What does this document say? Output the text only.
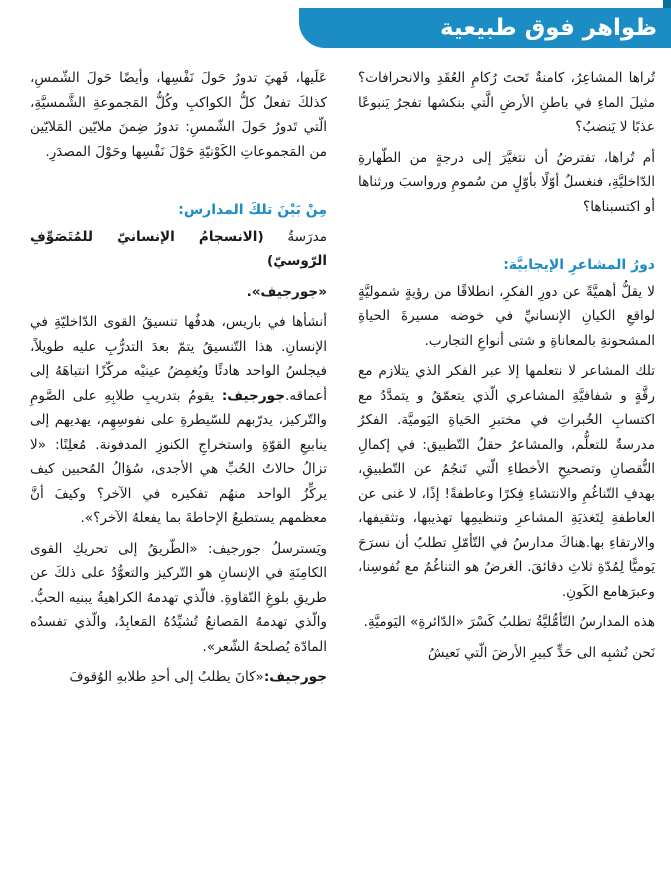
ظواهر فوق طبيعية

تُراها المشاعِرُ، كامنةٌ تَحتَ رُكامِ العُقَدِ والانحرافات؟ مثيلَ الماءِ في باطنِ الأرضِ الَّتي بنكشها تفجرُ يَنبوعًا عذبًا لا يَنضبُ؟

أم تُراها، تفترضُ أن نتغيَّرَ إلى درجةٍ من الطّهارةِ الدّاخليَّةِ، فنغسلُ أوّلًا بأوّلٍ من سُمومِ ورواسبَ ورثناها أو اكتسبناها؟

دورُ المشاعرِ الإيجابيَّة:

لا يقلُّ أهميَّةً عن دورِ الفكرِ، انطلاقًا من رؤيةٍ شموليَّةٍ لواقعِ الكيانِ الإنسانيِّ في خوضه مسيرةَ الحياةِ المشحونةِ بالمعاناةِ و شتى أنواعِ التجارب.

تلك المشاعر لا نتعلمها إلا عبر الفكر الذي يتلازم مع رقَّةٍ و شفافيَّةِ المشاعري الّذي يتعمّقُ و يتمدَّدُ مع اكتسابِ الخُبراتِ في مختبرِ الحَياةِ اليَوميَّة. الفكرُ مدرسةٌ للتعلُّم، والمشاعرُ حقلُ التّطبيق: في إكمالِ النُّقصانِ وتصحيحِ الأخطاءِ الّتي تَنجُمُ عن التّطبيقِ، بهدفِ التّناغُمِ والانتشاءِ فِكرًا وعاطفةً! إذًا، لا غنى عن العاطفةِ لِتَغذيَةِ المشاعرِ وتنظيمِها تهذيبها، وتثقيفها، والارتقاءِ بها.هناكَ مدارسُ في التّأمّلِ تطلبُ أن نسرَحَ يَوميًّا لِمُدّةِ ثلاثِ دقائقَ. الغرضُ هو التناغُمُ مع نُفوسِنا، وعبرَهامع الكَونِ.

هذه المدارسُ التّأمُّليَّةُ تطلبُ كَسْرَ «الدّائرةِ» اليَوميَّةِ.

نَحن نُشبِه الى حَدٍّ كبيرِ الأرضَ الّتي نَعيشُ

عَلَيها، فَهيَ تدورُ حَولَ نَفْسِها، وأيضًا حَولَ الشّمسِ، كذلكَ تفعلُ كلُّ الكواكبِ وكُلُّ المَجموعةِ الشَّمسيَّةِ، الّتي تَدورُ حَولَ الشّمسِ: تدورُ ضِمنَ ملايّين المَلايّين من المَجموعاتِ الكَوْنيّةِ حَوْلَ نَفْسِها وحَوْلَ المصدَرِ.

مِنْ بَيْنَ تلكَ المدارس:

مدرَسةُ (الانسجامُ الإنسانيّ للمُتَصَوِّفِ الرّوسيّ)

«جورجيف».

أنشأها في باريس، هدفُها تنسيقُ القوى الدّاخليّةِ في الإنسانِ. هذا التّنسيقُ يتمّ بعدَ التدرُّبِ عليه طويلاً، فيجلسُ الواحد هادئًا ويُغمِضُ عينيْه مركّزًا انتباهَهُ إلى أعماقه.جورجيف: يقومُ بتدريبِ طلابِهِ على الصَّومِ والتّركيز، يدرّبهم للسّيطرةِ على نفوسِهِم، يهديهم إلى ينابيعِ القوّةِ واستخراجِ الكنوزِ المدفونة. مُعلِنًا: «لا تزالُ حالاتُ الحُبِّ هي الأجدى، سُؤالُ المُحبين كيف يركِّزُ الواحد منهُم تفكيره في الآخر؟ وكيفَ أنَّ معظمهم يستطيعُ الإحاطةَ بما يفعلهُ الآخر؟».

ويَسترسلُ جورجيف: «الطّريقُ إلى تحريكِ القوى الكامِنَةِ في الإنسانِ هو التّركيز والتعوُّدُ على ذلكَ عن طريقِ بلوغِ النّقاوةِ. فالّذي تهدمهُ الكراهيةُ يبنيه الحبُّ. والّذي تهدمهُ المَصانعُ تُشيِّدُهُ المَعابِدُ، والّذي تفسدُه المادّة يُصلحهُ الشّعر».

جورجيف:«كانَ يطلبُ إلى أحدِ طلابهِ الوُقوفَ
